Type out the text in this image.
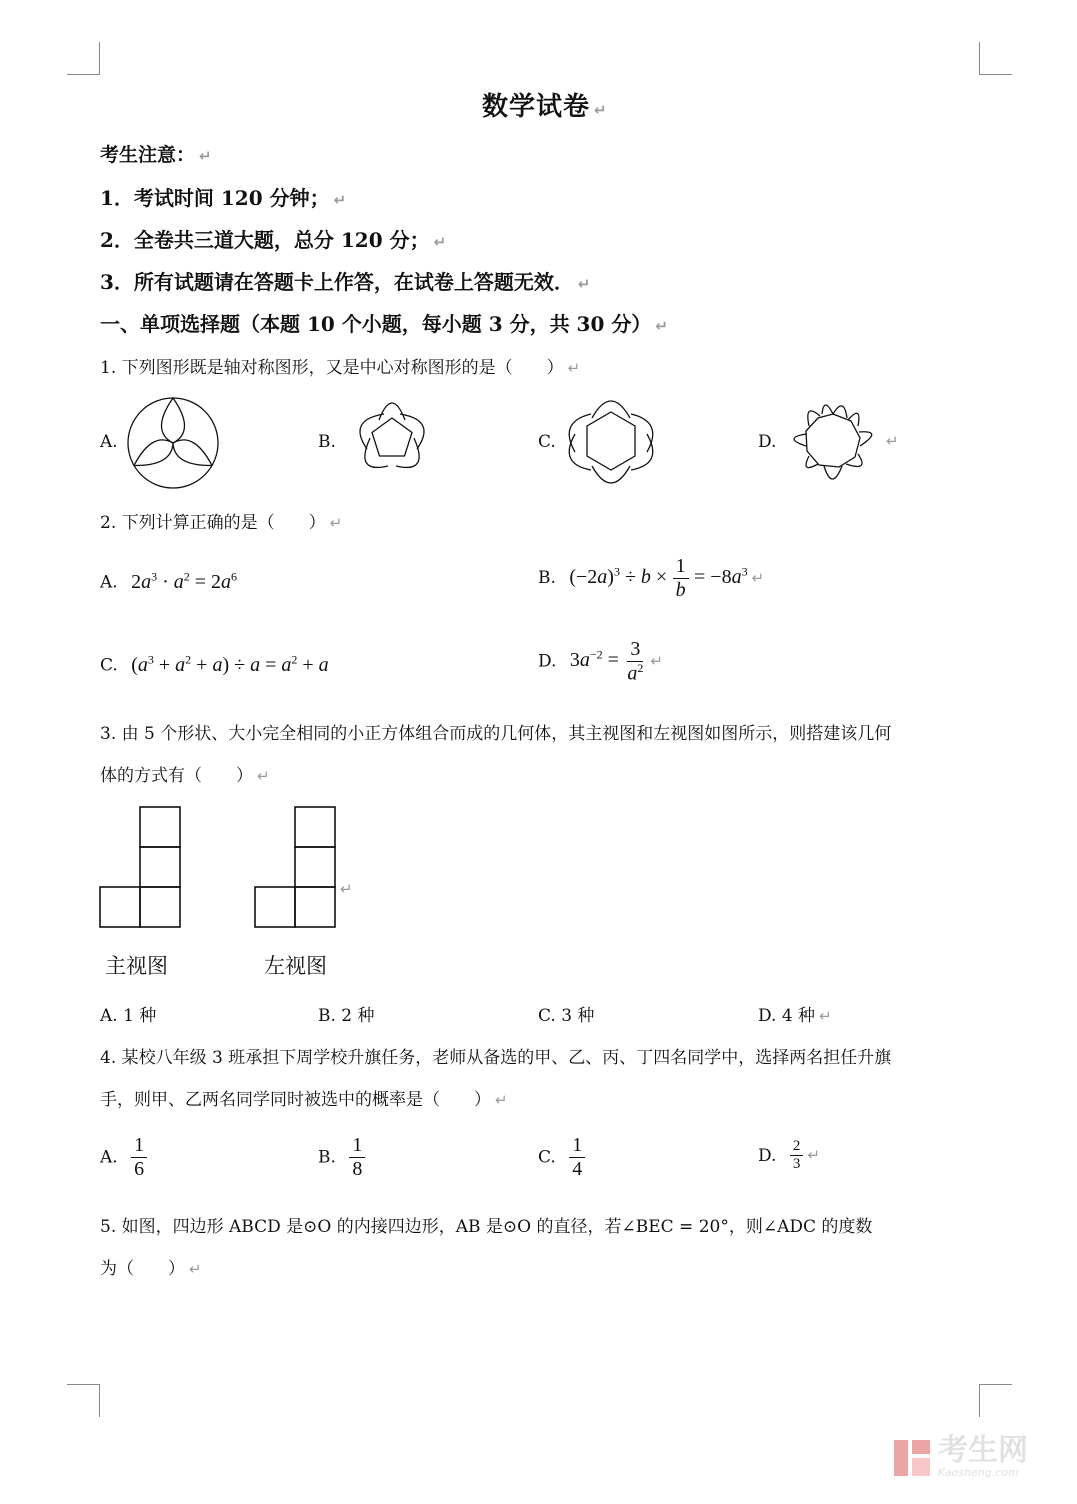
数学试卷 ↵
考生注意： ↵
1．考试时间 120 分钟； ↵
2．全卷共三道大题，总分 120 分； ↵
3．所有试题请在答题卡上作答，在试卷上答题无效． ↵
一、单项选择题（本题 10 个小题，每小题 3 分，共 30 分） ↵
1. 下列图形既是轴对称图形，又是中心对称图形的是（　　） ↵
A.	B.	C.	D.	↵
2. 下列计算正确的是（　　） ↵
A. $2a^3 \cdot a^2 = 2a^6$	B. $(-2a)^3 \div b \times \frac{1}{b} = -8a^3$ ↵
C. $(a^3 + a^2 + a) \div a = a^2 + a$	D. $3a^{-2} = \frac{3}{a^2}$ ↵
3. 由 5 个形状、大小完全相同的小正方体组合而成的几何体，其主视图和左视图如图所示，则搭建该几何
体的方式有（　　） ↵
↵
主视图	左视图
A. 1 种	B. 2 种	C. 3 种	D. 4 种 ↵
4. 某校八年级 3 班承担下周学校升旗任务，老师从备选的甲、乙、丙、丁四名同学中，选择两名担任升旗
手，则甲、乙两名同学同时被选中的概率是（　　） ↵
A. $\frac{1}{6}$	B. $\frac{1}{8}$	C. $\frac{1}{4}$	D. $\frac{2}{3}$ ↵
5. 如图，四边形 ABCD 是⊙O 的内接四边形，AB 是⊙O 的直径，若∠BEC = 20°，则∠ADC 的度数
为（　　） ↵
考生网
Kaosheng.com
